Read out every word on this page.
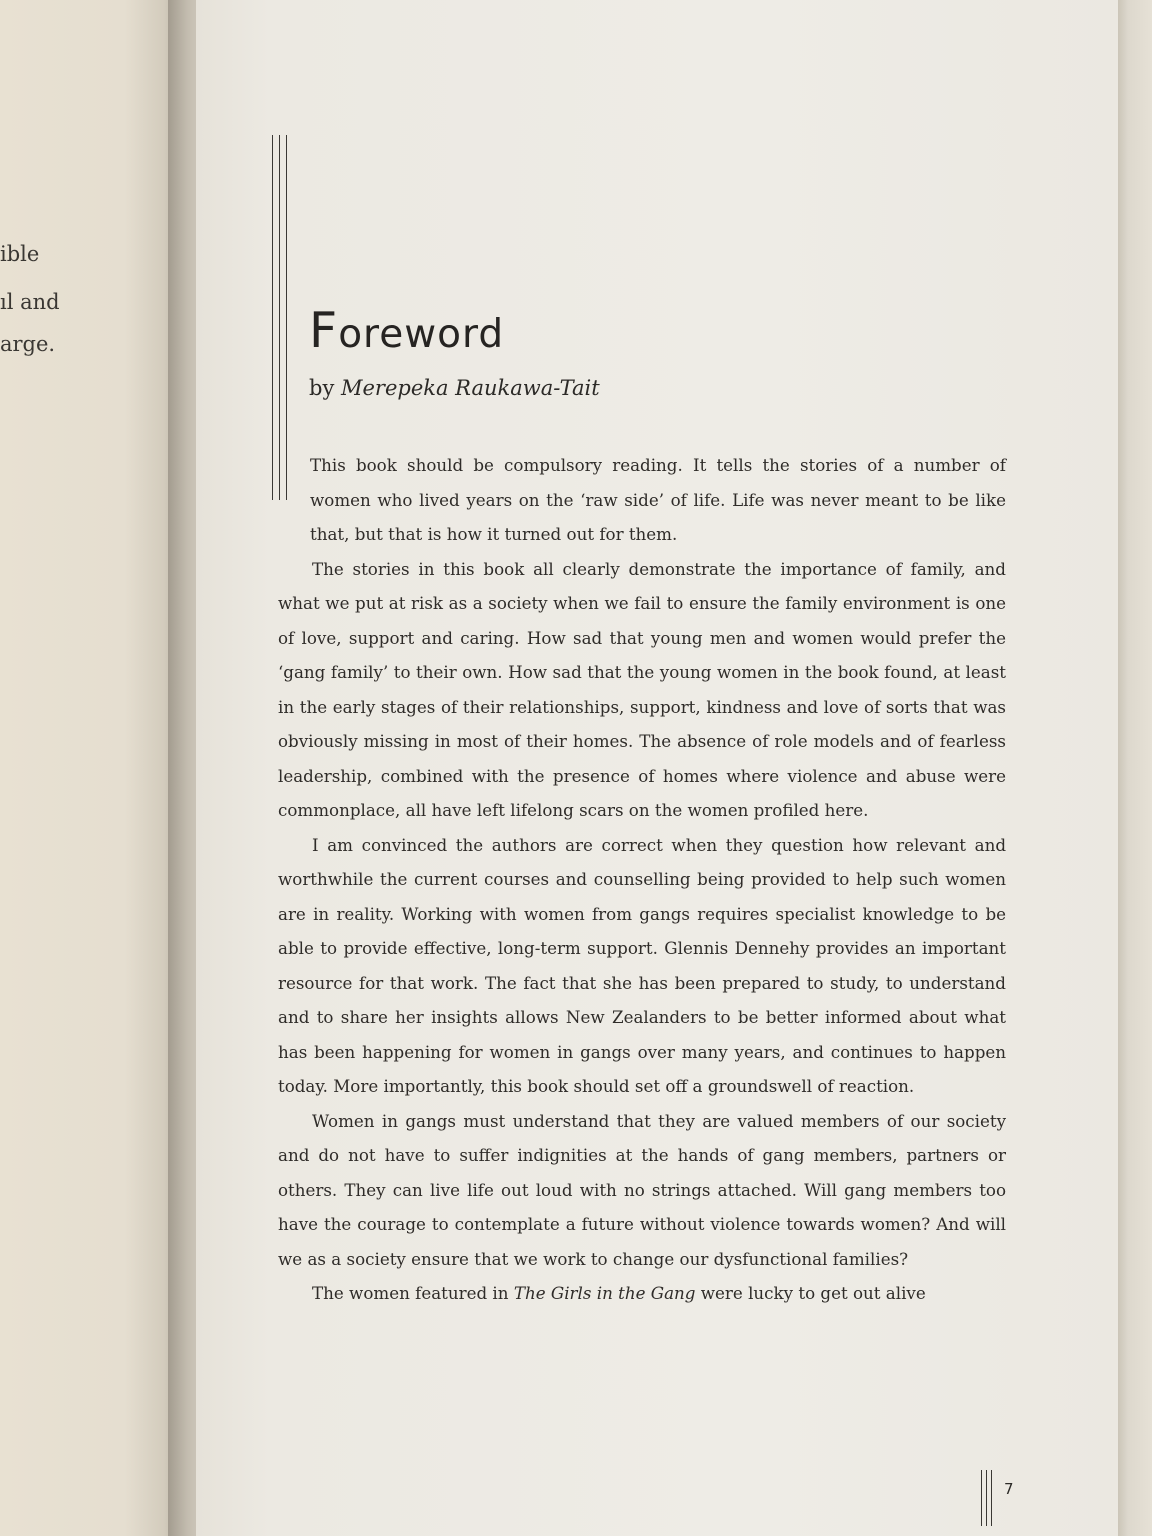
ible
ıl and
arge.	Foreword

by Merepeka Raukawa-Tait

This book should be compulsory reading. It tells the stories of a number of women who lived years on the ‘raw side’ of life. Life was never meant to be like that, but that is how it turned out for them.

The stories in this book all clearly demonstrate the importance of family, and what we put at risk as a society when we fail to ensure the family environment is one of love, support and caring. How sad that young men and women would prefer the ‘gang family’ to their own. How sad that the young women in the book found, at least in the early stages of their relationships, support, kindness and love of sorts that was obviously missing in most of their homes. The absence of role models and of fearless leadership, combined with the presence of homes where violence and abuse were commonplace, all have left lifelong scars on the women profiled here.

I am convinced the authors are correct when they question how relevant and worthwhile the current courses and counselling being provided to help such women are in reality. Working with women from gangs requires specialist knowledge to be able to provide effective, long-term support. Glennis Dennehy provides an important resource for that work. The fact that she has been prepared to study, to understand and to share her insights allows New Zealanders to be better informed about what has been happening for women in gangs over many years, and continues to happen today. More importantly, this book should set off a groundswell of reaction.

Women in gangs must understand that they are valued members of our society and do not have to suffer indignities at the hands of gang members, partners or others. They can live life out loud with no strings attached. Will gang members too have the courage to contemplate a future without violence towards women? And will we as a society ensure that we work to change our dysfunctional families?

The women featured in The Girls in the Gang were lucky to get out alive

7
